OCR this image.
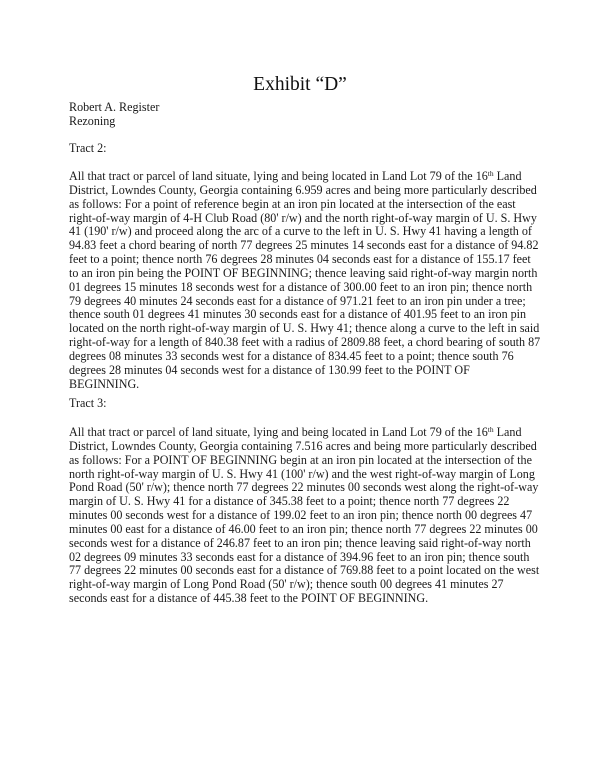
Exhibit “D”
Robert A. Register
Rezoning
Tract 2:
All that tract or parcel of land situate, lying and being located in Land Lot 79 of the 16th Land
District, Lowndes County, Georgia containing 6.959 acres and being more particularly described
as follows: For a point of reference begin at an iron pin located at the intersection of the east
right-of-way margin of 4-H Club Road (80' r/w) and the north right-of-way margin of U. S. Hwy
41 (190' r/w) and proceed along the arc of a curve to the left in U. S. Hwy 41 having a length of
94.83 feet a chord bearing of north 77 degrees 25 minutes 14 seconds east for a distance of 94.82
feet to a point; thence north 76 degrees 28 minutes 04 seconds east for a distance of 155.17 feet
to an iron pin being the POINT OF BEGINNING; thence leaving said right-of-way margin north
01 degrees 15 minutes 18 seconds west for a distance of 300.00 feet to an iron pin; thence north
79 degrees 40 minutes 24 seconds east for a distance of 971.21 feet to an iron pin under a tree;
thence south 01 degrees 41 minutes 30 seconds east for a distance of 401.95 feet to an iron pin
located on the north right-of-way margin of U. S. Hwy 41; thence along a curve to the left in said
right-of-way for a length of 840.38 feet with a radius of 2809.88 feet, a chord bearing of south 87
degrees 08 minutes 33 seconds west for a distance of 834.45 feet to a point; thence south 76
degrees 28 minutes 04 seconds west for a distance of 130.99 feet to the POINT OF
BEGINNING.
Tract 3:
All that tract or parcel of land situate, lying and being located in Land Lot 79 of the 16th Land
District, Lowndes County, Georgia containing 7.516 acres and being more particularly described
as follows: For a POINT OF BEGINNING begin at an iron pin located at the intersection of the
north right-of-way margin of U. S. Hwy 41 (100' r/w) and the west right-of-way margin of Long
Pond Road (50' r/w); thence north 77 degrees 22 minutes 00 seconds west along the right-of-way
margin of U. S. Hwy 41 for a distance of 345.38 feet to a point; thence north 77 degrees 22
minutes 00 seconds west for a distance of 199.02 feet to an iron pin; thence north 00 degrees 47
minutes 00 east for a distance of 46.00 feet to an iron pin; thence north 77 degrees 22 minutes 00
seconds west for a distance of 246.87 feet to an iron pin; thence leaving said right-of-way north
02 degrees 09 minutes 33 seconds east for a distance of 394.96 feet to an iron pin; thence south
77 degrees 22 minutes 00 seconds east for a distance of 769.88 feet to a point located on the west
right-of-way margin of Long Pond Road (50' r/w); thence south 00 degrees 41 minutes 27
seconds east for a distance of 445.38 feet to the POINT OF BEGINNING.
